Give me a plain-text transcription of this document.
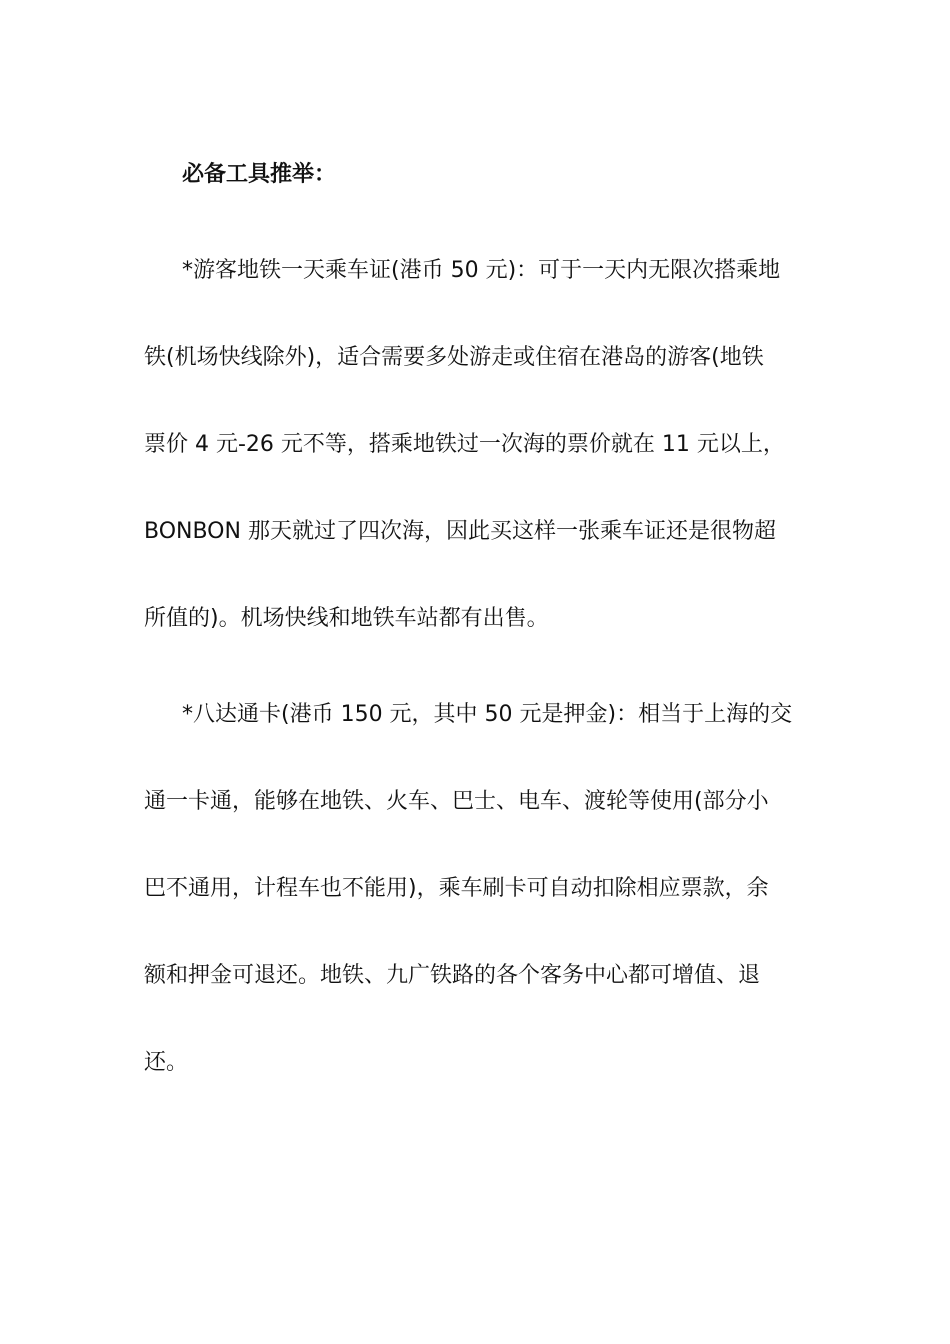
必备工具推举：
*游客地铁一天乘车证(港币 50 元)：可于一天内无限次搭乘地
铁(机场快线除外)，适合需要多处游走或住宿在港岛的游客(地铁
票价 4 元-26 元不等，搭乘地铁过一次海的票价就在 11 元以上，
BONBON 那天就过了四次海，因此买这样一张乘车证还是很物超
所值的)。机场快线和地铁车站都有出售。
*八达通卡(港币 150 元，其中 50 元是押金)：相当于上海的交
通一卡通，能够在地铁、火车、巴士、电车、渡轮等使用(部分小
巴不通用，计程车也不能用)，乘车刷卡可自动扣除相应票款，余
额和押金可退还。地铁、九广铁路的各个客务中心都可增值、退
还。
